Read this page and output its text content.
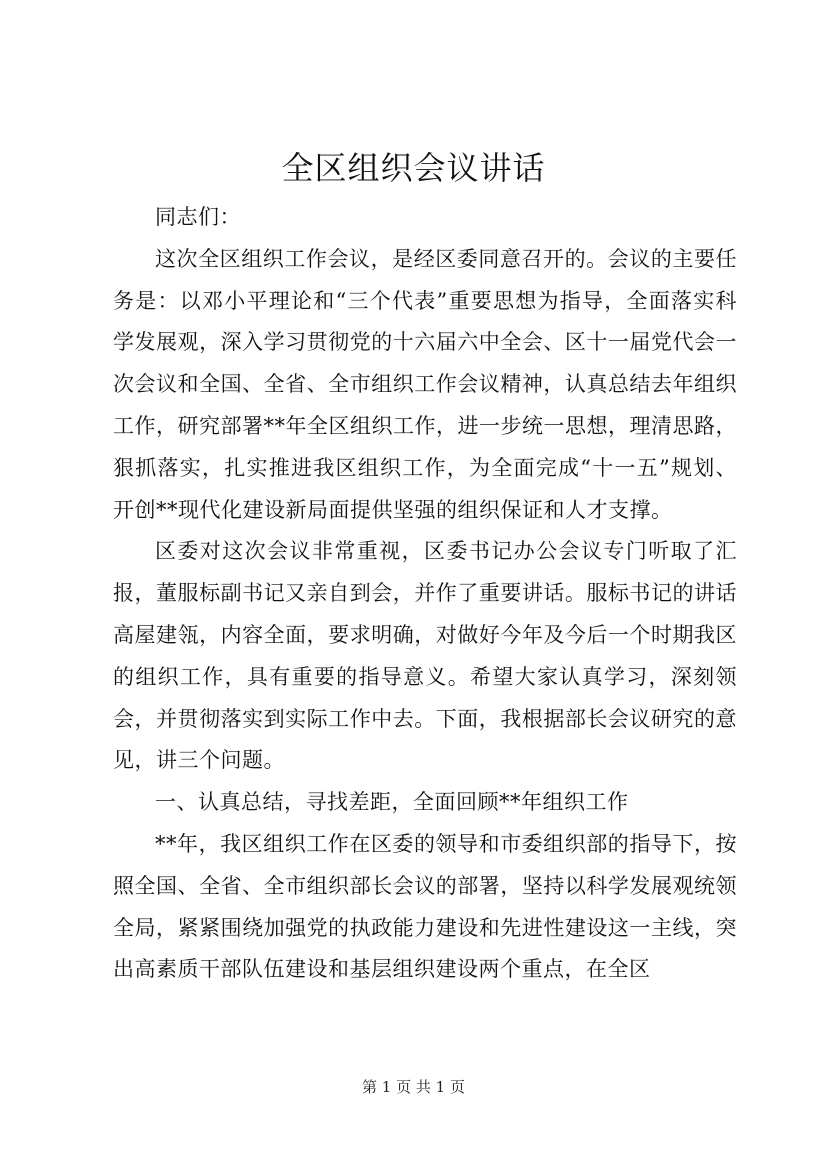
全区组织会议讲话

同志们：

这次全区组织工作会议，是经区委同意召开的。会议的主要任务是：以邓小平理论和“三个代表”重要思想为指导，全面落实科学发展观，深入学习贯彻党的十六届六中全会、区十一届党代会一次会议和全国、全省、全市组织工作会议精神，认真总结去年组织工作，研究部署**年全区组织工作，进一步统一思想，理清思路，狠抓落实，扎实推进我区组织工作，为全面完成“十一五”规划、开创**现代化建设新局面提供坚强的组织保证和人才支撑。

区委对这次会议非常重视，区委书记办公会议专门听取了汇报，董服标副书记又亲自到会，并作了重要讲话。服标书记的讲话高屋建瓴，内容全面，要求明确，对做好今年及今后一个时期我区的组织工作，具有重要的指导意义。希望大家认真学习，深刻领会，并贯彻落实到实际工作中去。下面，我根据部长会议研究的意见，讲三个问题。

一、认真总结，寻找差距，全面回顾**年组织工作

**年，我区组织工作在区委的领导和市委组织部的指导下，按照全国、全省、全市组织部长会议的部署，坚持以科学发展观统领全局，紧紧围绕加强党的执政能力建设和先进性建设这一主线，突出高素质干部队伍建设和基层组织建设两个重点，在全区

第 1 页 共 1 页
